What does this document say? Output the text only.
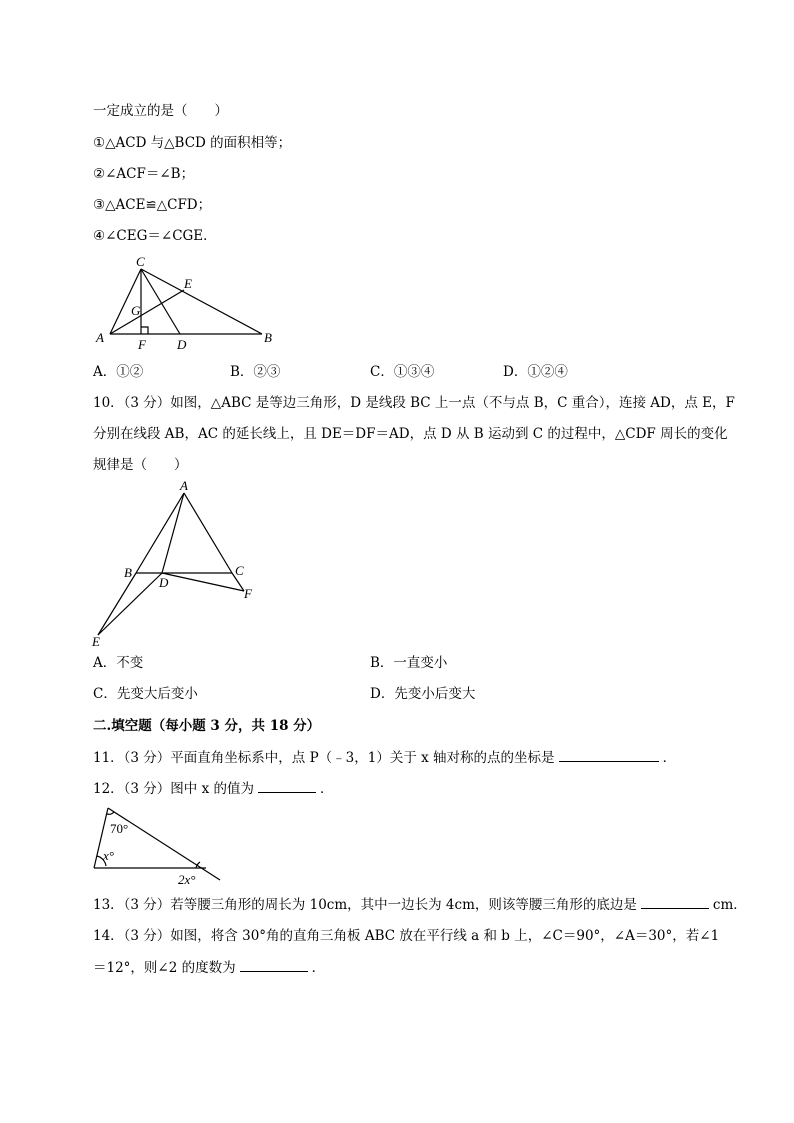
一定成立的是（　　）
①△ACD 与△BCD 的面积相等；
②∠ACF＝∠B；
③△ACE≌△CFD；
④∠CEG＝∠CGE．
C
E
G
A	F D	B
A．①②	B．②③	C．①③④	D．①②④
10．（3 分）如图，△ABC 是等边三角形，D 是线段 BC 上一点（不与点 B，C 重合），连接 AD，点 E，F
分别在线段 AB，AC 的延长线上，且 DE＝DF＝AD，点 D 从 B 运动到 C 的过程中，△CDF 周长的变化
规律是（　　）
A
B	C
D
F
E
A．不变	B．一直变小
C．先变大后变小	D．先变小后变大
二.填空题（每小题 3 分，共 18 分）
11．（3 分）平面直角坐标系中，点 P（﹣3，1）关于 x 轴对称的点的坐标是	．
12．（3 分）图中 x 的值为	．
70°
x°
2x°
13．（3 分）若等腰三角形的周长为 10cm，其中一边长为 4cm，则该等腰三角形的底边是	cm．
14．（3 分）如图，将含 30°角的直角三角板 ABC 放在平行线 a 和 b 上，∠C＝90°，∠A＝30°，若∠1
＝12°，则∠2 的度数为	．
